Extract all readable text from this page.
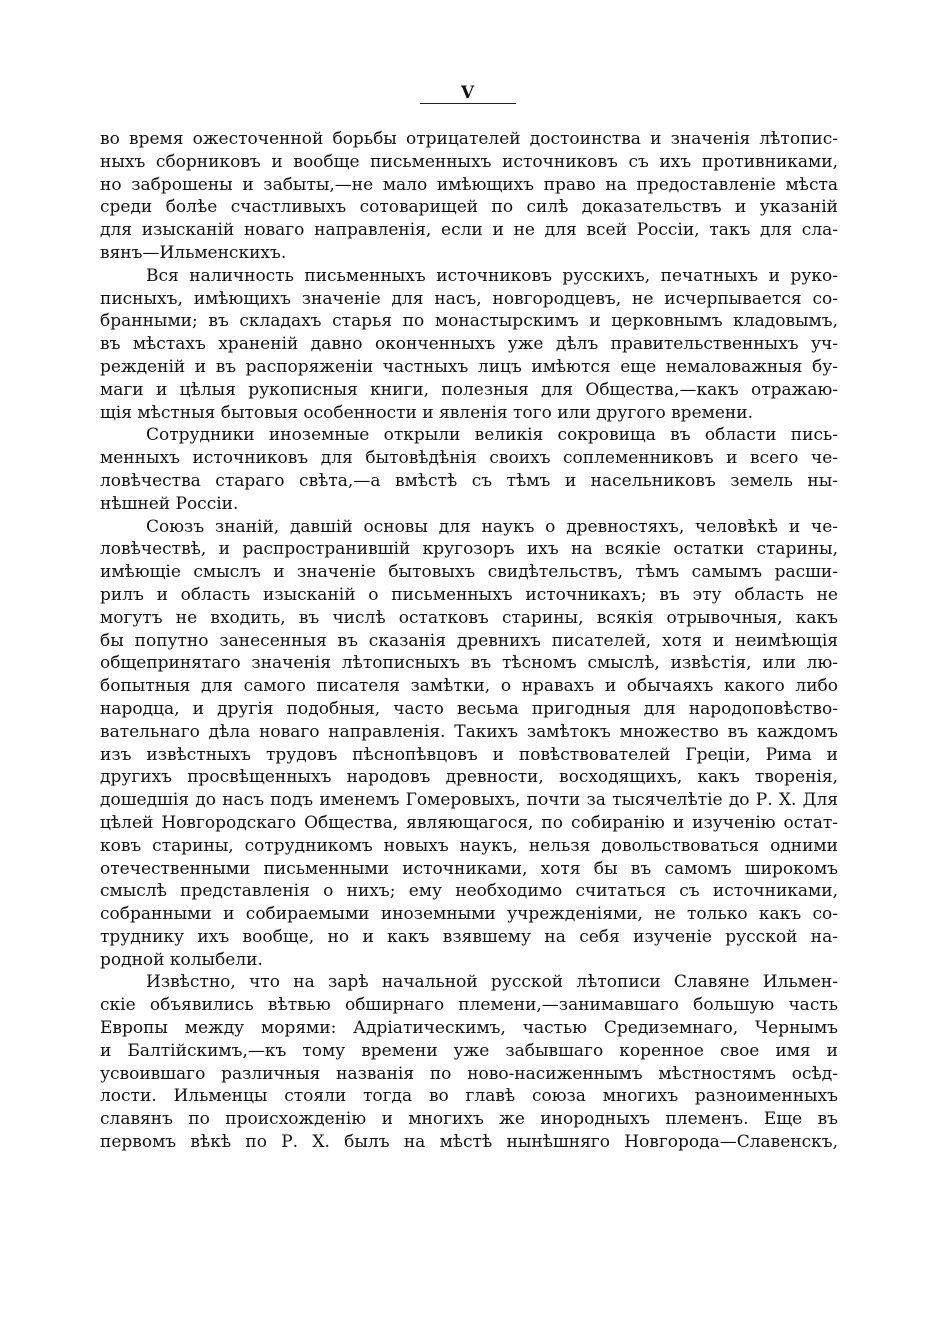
V
во время ожесточенной борьбы отрицателей достоинства и значенія лѣтопис-
ныхъ сборниковъ и вообще письменныхъ источниковъ съ ихъ противниками,
но заброшены и забыты,—не мало имѣющихъ право на предоставленіе мѣста
среди болѣе счастливыхъ сотоварищей по силѣ доказательствъ и указаній
для изысканій новаго направленія, если и не для всей Россіи, такъ для сла-
вянъ—Ильменскихъ.
Вся наличность письменныхъ источниковъ русскихъ, печатныхъ и руко-
писныхъ, имѣющихъ значеніе для насъ, новгородцевъ, не исчерпывается со-
бранными; въ складахъ старья по монастырскимъ и церковнымъ кладовымъ,
въ мѣстахъ храненій давно оконченныхъ уже дѣлъ правительственныхъ уч-
режденій и въ распоряженіи частныхъ лицъ имѣются еще немаловажныя бу-
маги и цѣлыя рукописныя книги, полезныя для Общества,—какъ отражаю-
щія мѣстныя бытовыя особенности и явленія того или другого времени.
Сотрудники иноземные открыли великія сокровища въ области пись-
менныхъ источниковъ для бытовѣдѣнія своихъ соплеменниковъ и всего че-
ловѣчества стараго свѣта,—а вмѣстѣ съ тѣмъ и насельниковъ земель ны-
нѣшней Россіи.
Союзъ знаній, давшій основы для наукъ о древностяхъ, человѣкѣ и че-
ловѣчествѣ, и распространившій кругозоръ ихъ на всякіе остатки старины,
имѣющіе смыслъ и значеніе бытовыхъ свидѣтельствъ, тѣмъ самымъ расши-
рилъ и область изысканій о письменныхъ источникахъ; въ эту область не
могутъ не входить, въ числѣ остатковъ старины, всякія отрывочныя, какъ
бы попутно занесенныя въ сказанія древнихъ писателей, хотя и неимѣющія
общепринятаго значенія лѣтописныхъ въ тѣсномъ смыслѣ, извѣстія, или лю-
бопытныя для самого писателя замѣтки, о нравахъ и обычаяхъ какого либо
народца, и другія подобныя, часто весьма пригодныя для народоповѣство-
вательнаго дѣла новаго направленія. Такихъ замѣтокъ множество въ каждомъ
изъ извѣстныхъ трудовъ пѣснопѣвцовъ и повѣствователей Греціи, Рима и
другихъ просвѣщенныхъ народовъ древности, восходящихъ, какъ творенія,
дошедшія до насъ подъ именемъ Гомеровыхъ, почти за тысячелѣтіе до Р. Х. Для
цѣлей Новгородскаго Общества, являющагося, по собиранію и изученію остат-
ковъ старины, сотрудникомъ новыхъ наукъ, нельзя довольствоваться одними
отечественными письменными источниками, хотя бы въ самомъ широкомъ
смыслѣ представленія о нихъ; ему необходимо считаться съ источниками,
собранными и собираемыми иноземными учрежденіями, не только какъ со-
труднику ихъ вообще, но и какъ взявшему на себя изученіе русской на-
родной колыбели.
Извѣстно, что на зарѣ начальной русской лѣтописи Славяне Ильмен-
скіе объявились вѣтвью обширнаго племени,—занимавшаго большую часть
Европы между морями: Адріатическимъ, частью Средиземнаго, Чернымъ
и Балтійскимъ,—къ тому времени уже забывшаго коренное свое имя и
усвоившаго различныя названія по ново-насиженнымъ мѣстностямъ осѣд-
лости. Ильменцы стояли тогда во главѣ союза многихъ разноименныхъ
славянъ по происхожденію и многихъ же инородныхъ племенъ. Еще въ
первомъ вѣкѣ по Р. Х. былъ на мѣстѣ нынѣшняго Новгорода—Славенскъ,
